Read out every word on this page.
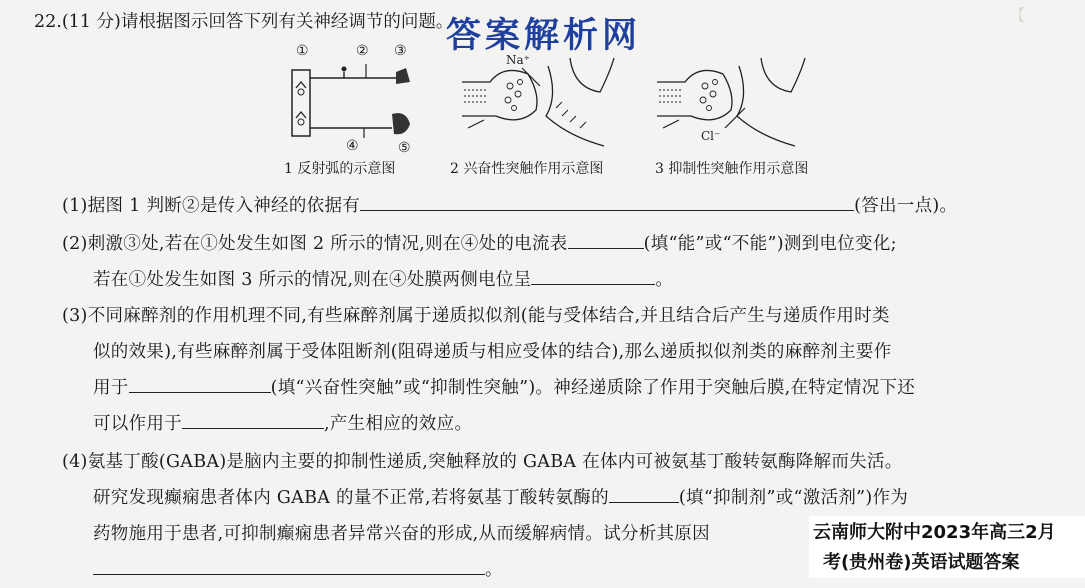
【
22.(11 分)请根据图示回答下列有关神经调节的问题。
答案解析网
①	② ③
④	⑤
Na⁺
Cl⁻
1 反射弧的示意图	2 兴奋性突触作用示意图	3 抑制性突触作用示意图
(1)据图 1 判断②是传入神经的依据有	(答出一点)。
(2)刺激③处,若在①处发生如图 2 所示的情况,则在④处的电流表	(填“能”或“不能”)测到电位变化;
若在①处发生如图 3 所示的情况,则在④处膜两侧电位呈	。
(3)不同麻醉剂的作用机理不同,有些麻醉剂属于递质拟似剂(能与受体结合,并且结合后产生与递质作用时类
似的效果),有些麻醉剂属于受体阻断剂(阻碍递质与相应受体的结合),那么递质拟似剂类的麻醉剂主要作
用于	(填“兴奋性突触”或“抑制性突触”)。神经递质除了作用于突触后膜,在特定情况下还
可以作用于	,产生相应的效应。
(4)氨基丁酸(GABA)是脑内主要的抑制性递质,突触释放的 GABA 在体内可被氨基丁酸转氨酶降解而失活。
研究发现癫痫患者体内 GABA 的量不正常,若将氨基丁酸转氨酶的	(填“抑制剂”或“激活剂”)作为
药物施用于患者,可抑制癫痫患者异常兴奋的形成,从而缓解病情。试分析其原因
。
云南师大附中2023年高三2月
考(贵州卷)英语试题答案
